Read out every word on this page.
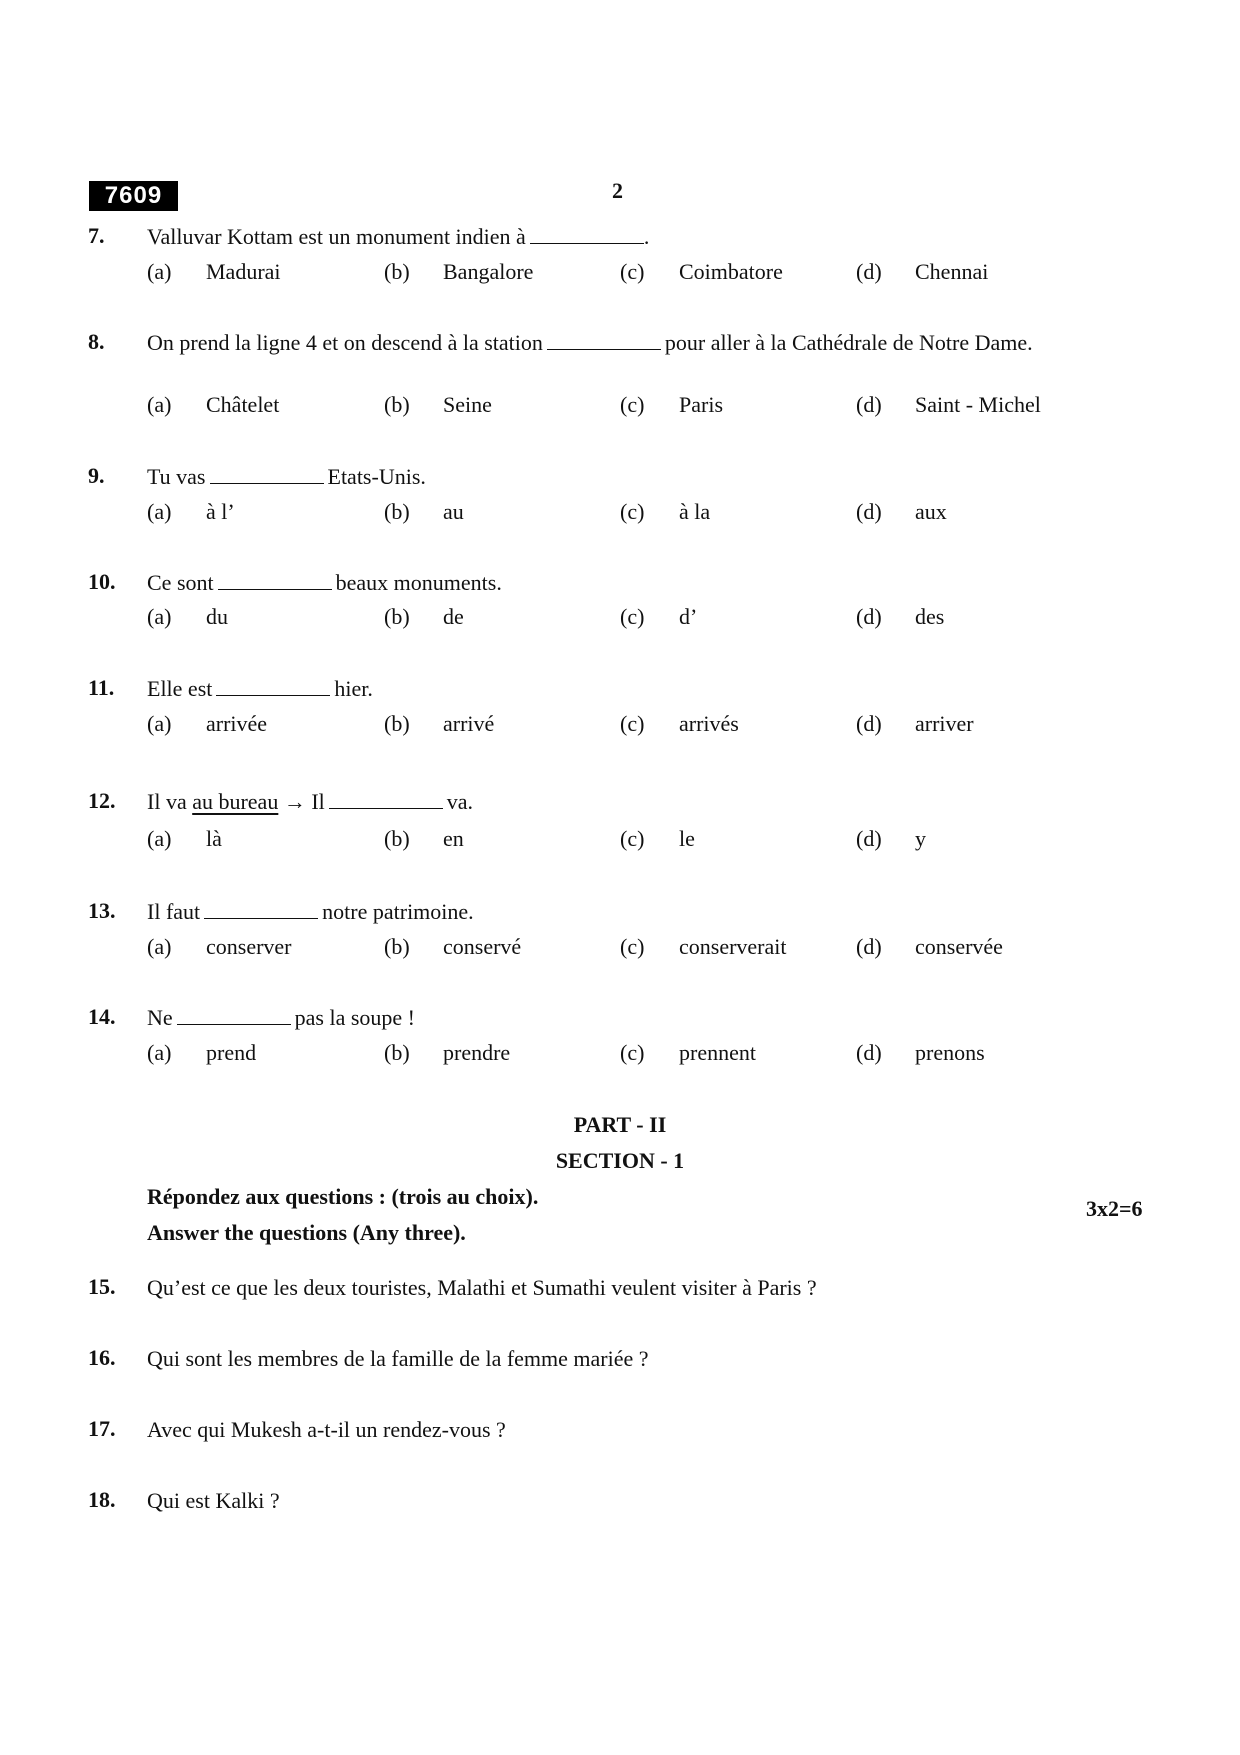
7609	2
7. Valluvar Kottam est un monument indien à	.
(a) Madurai	(b) Bangalore	(c) Coimbatore	(d) Chennai
8. On prend la ligne 4 et on descend à la station	pour aller à la Cathédrale de Notre Dame.
(a) Châtelet	(b) Seine	(c) Paris	(d) Saint - Michel
9. Tu vas	Etats-Unis.
(a) à l’	(b) au	(c) à la	(d) aux
10. Ce sont	beaux monuments.
(a) du	(b) de	(c) d’	(d) des
11. Elle est	hier.
(a) arrivée	(b) arrivé	(c) arrivés	(d) arriver
12. Il va au bureau → Il	va.
(a) là	(b) en	(c) le	(d) y
13. Il faut	notre patrimoine.
(a) conserver	(b) conservé	(c) conserverait	(d) conservée
14. Ne	pas la soupe !
(a) prend	(b) prendre	(c) prennent	(d) prenons
PART - II
SECTION - 1
Répondez aux questions : (trois au choix).	3x2=6
Answer the questions (Any three).
15. Qu’est ce que les deux touristes, Malathi et Sumathi veulent visiter à Paris ?
16. Qui sont les membres de la famille de la femme mariée ?
17. Avec qui Mukesh a-t-il un rendez-vous ?
18. Qui est Kalki ?
